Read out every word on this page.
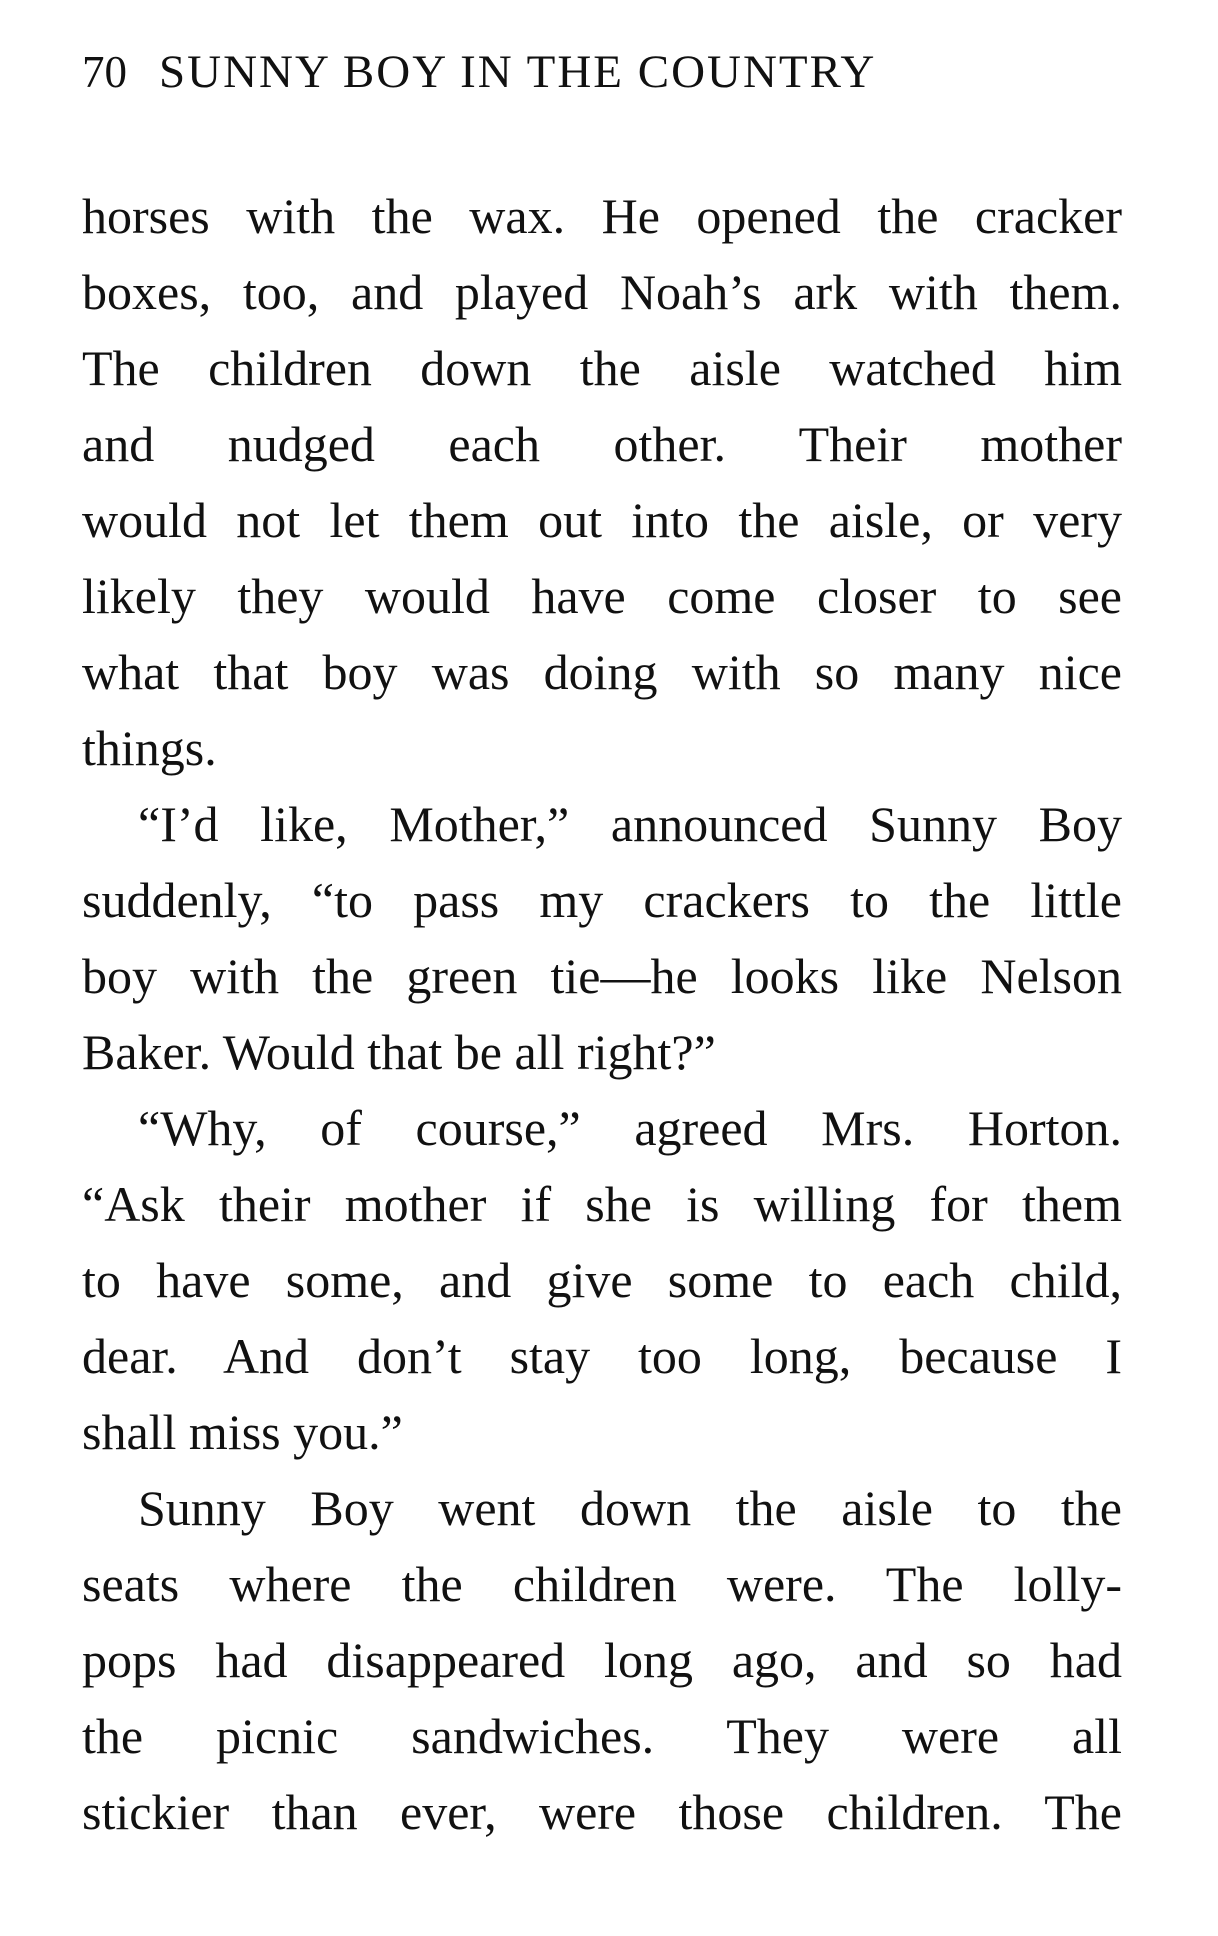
70 SUNNY BOY IN THE COUNTRY
horses with the wax. He opened the cracker
boxes, too, and played Noah’s ark with them.
The children down the aisle watched him
and nudged each other. Their mother
would not let them out into the aisle, or very
likely they would have come closer to see
what that boy was doing with so many nice
things.
“I’d like, Mother,” announced Sunny Boy
suddenly, “to pass my crackers to the little
boy with the green tie—he looks like Nelson
Baker. Would that be all right?”
“Why, of course,” agreed Mrs. Horton.
“Ask their mother if she is willing for them
to have some, and give some to each child,
dear. And don’t stay too long, because I
shall miss you.”
Sunny Boy went down the aisle to the
seats where the children were. The lolly-
pops had disappeared long ago, and so had
the picnic sandwiches. They were all
stickier than ever, were those children. The
